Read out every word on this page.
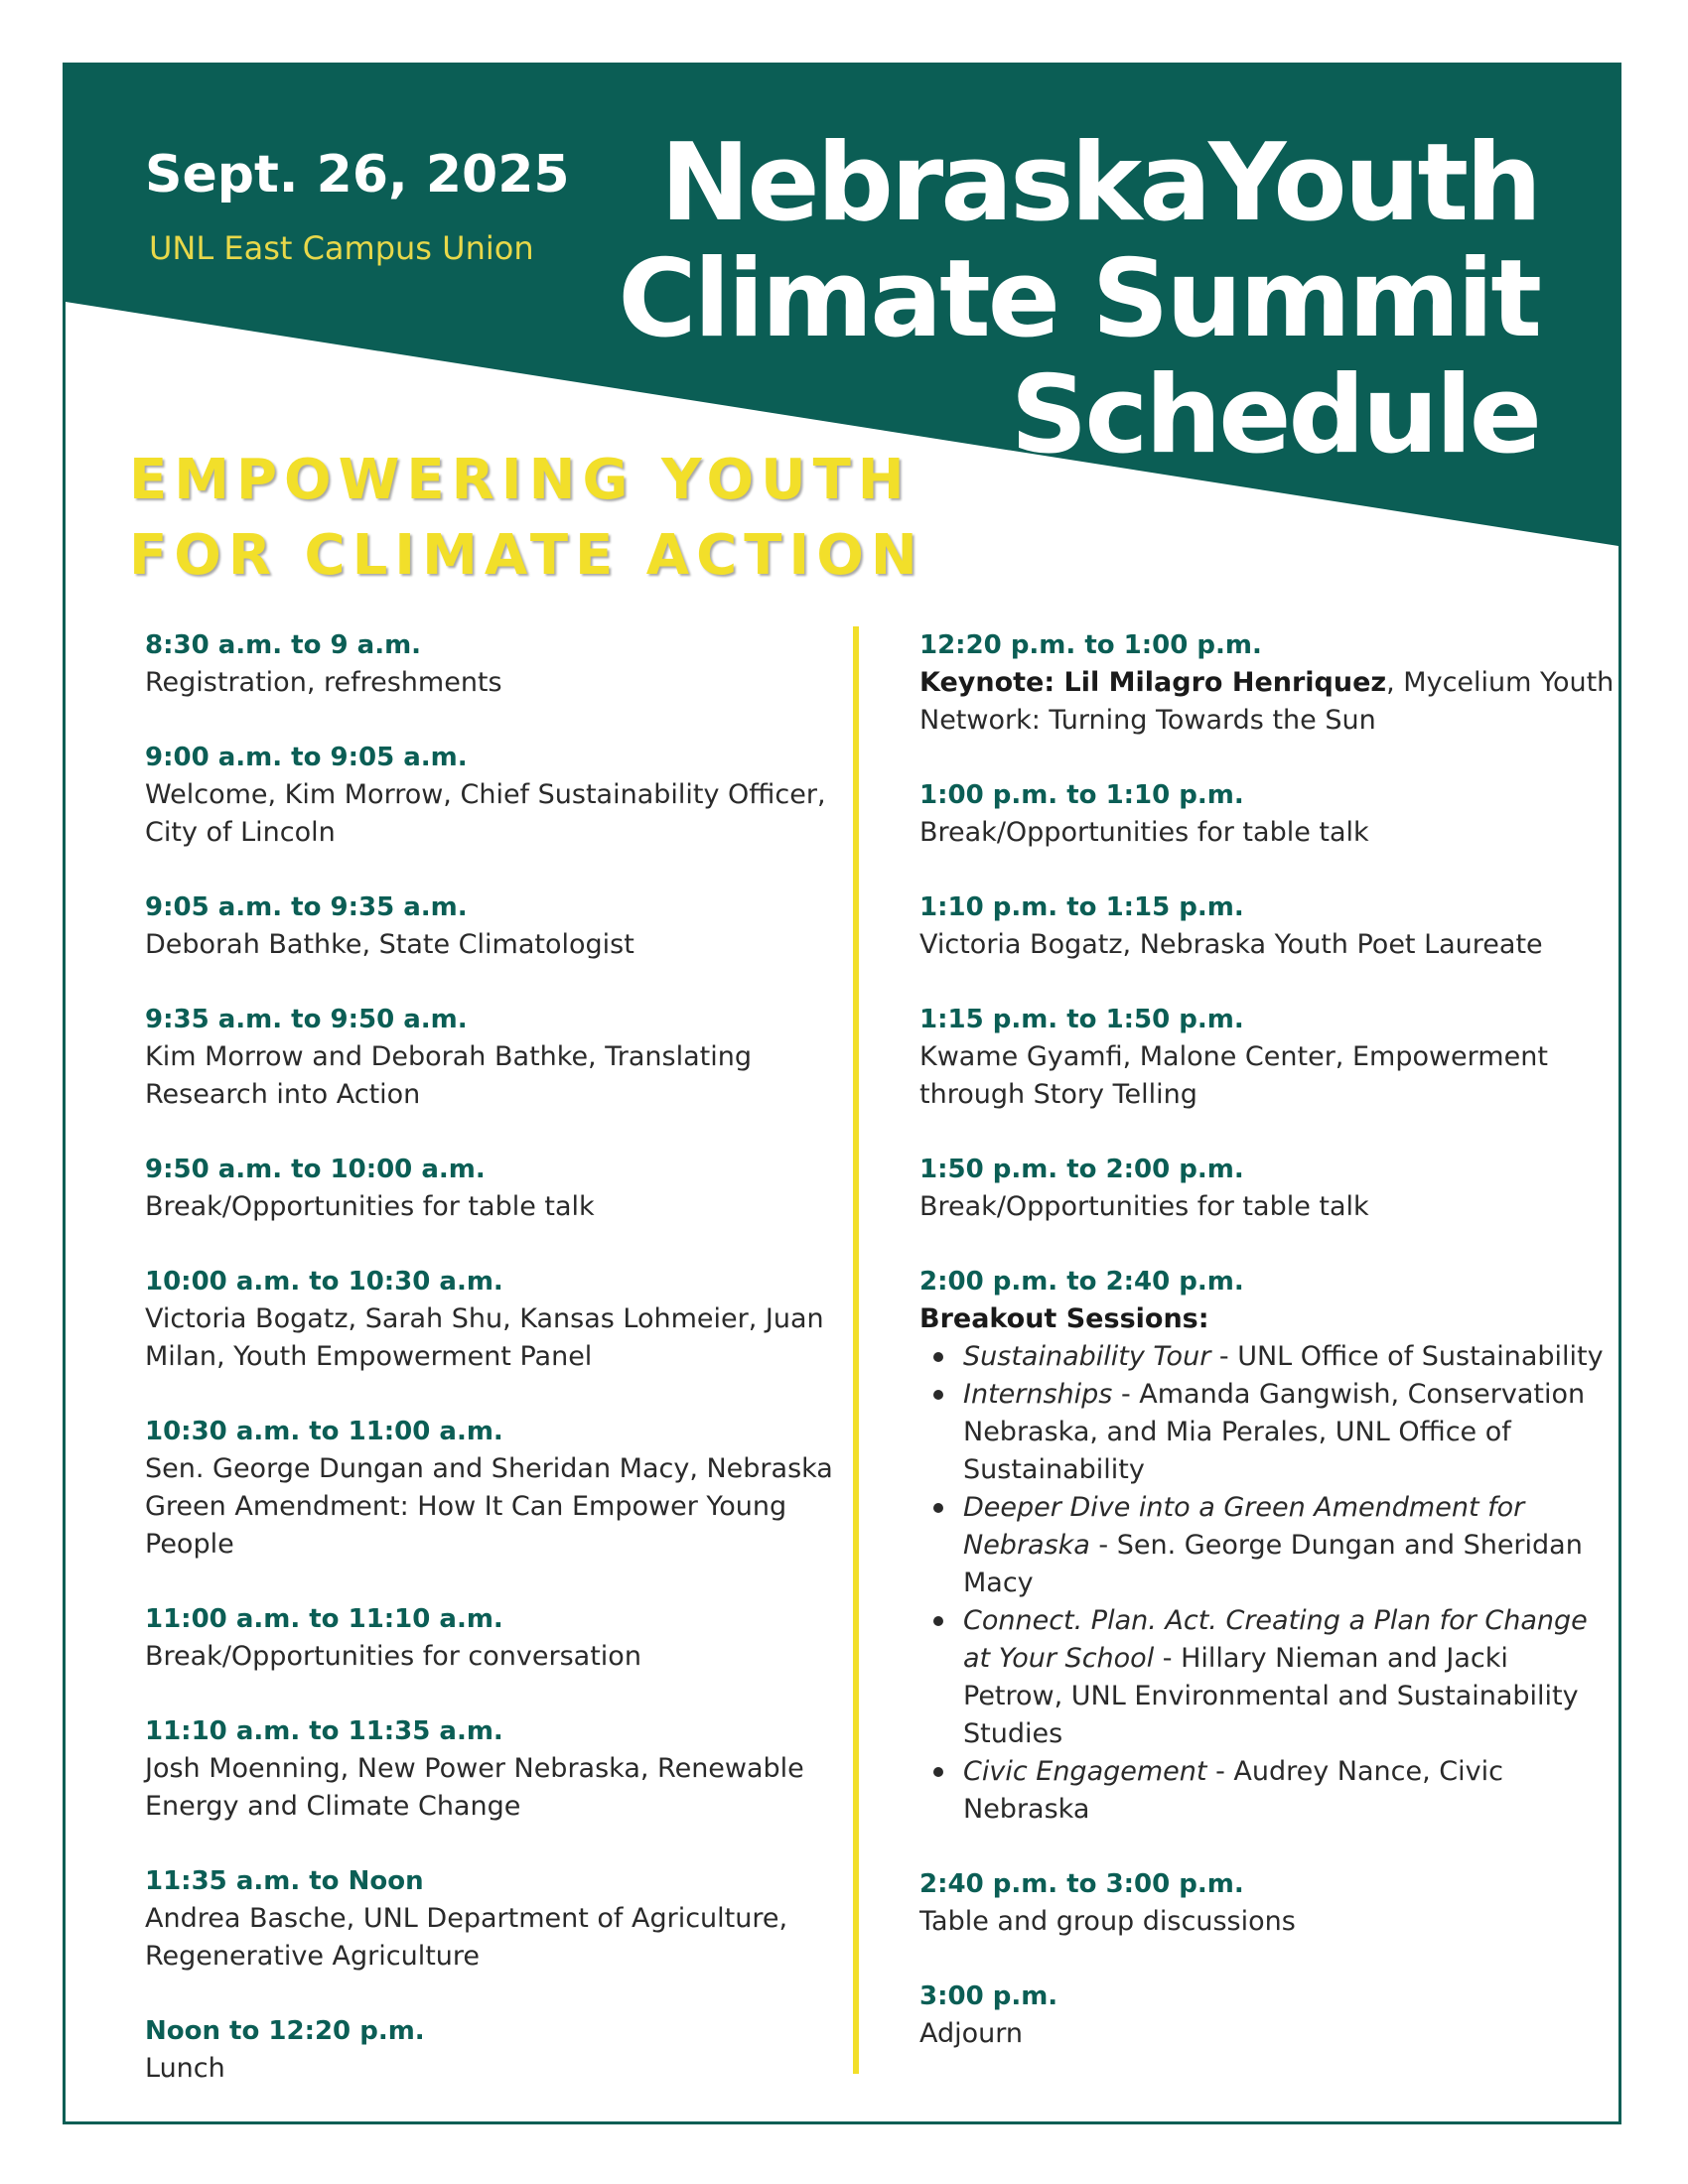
Sept. 26, 2025

UNL East Campus Union

NebraskaYouth
Climate Summit
Schedule
EMPOWERING YOUTH
FOR CLIMATE ACTION
8:30 a.m. to 9 a.m.
Registration, refreshments
9:00 a.m. to 9:05 a.m.
Welcome, Kim Morrow, Chief Sustainability Officer, City of Lincoln
9:05 a.m. to 9:35 a.m.
Deborah Bathke, State Climatologist
9:35 a.m. to 9:50 a.m.
Kim Morrow and Deborah Bathke, Translating Research into Action
9:50 a.m. to 10:00 a.m.
Break/Opportunities for table talk
10:00 a.m. to 10:30 a.m.
Victoria Bogatz, Sarah Shu, Kansas Lohmeier, Juan Milan, Youth Empowerment Panel
10:30 a.m. to 11:00 a.m.
Sen. George Dungan and Sheridan Macy, Nebraska Green Amendment: How It Can Empower Young People
11:00 a.m. to 11:10 a.m.
Break/Opportunities for conversation
11:10 a.m. to 11:35 a.m.
Josh Moenning, New Power Nebraska, Renewable Energy and Climate Change
11:35 a.m. to Noon
Andrea Basche, UNL Department of Agriculture, Regenerative Agriculture
Noon to 12:20 p.m.
Lunch
12:20 p.m. to 1:00 p.m.
Keynote: Lil Milagro Henriquez, Mycelium Youth Network: Turning Towards the Sun
1:00 p.m. to 1:10 p.m.
Break/Opportunities for table talk
1:10 p.m. to 1:15 p.m.
Victoria Bogatz, Nebraska Youth Poet Laureate
1:15 p.m. to 1:50 p.m.
Kwame Gyamfi, Malone Center, Empowerment through Story Telling
1:50 p.m. to 2:00 p.m.
Break/Opportunities for table talk
2:00 p.m. to 2:40 p.m.
Breakout Sessions:
Sustainability Tour - UNL Office of Sustainability
Internships - Amanda Gangwish, Conservation Nebraska, and Mia Perales, UNL Office of Sustainability
Deeper Dive into a Green Amendment for Nebraska - Sen. George Dungan and Sheridan Macy
Connect. Plan. Act. Creating a Plan for Change at Your School - Hillary Nieman and Jacki Petrow, UNL Environmental and Sustainability Studies
Civic Engagement - Audrey Nance, Civic Nebraska
2:40 p.m. to 3:00 p.m.
Table and group discussions
3:00 p.m.
Adjourn
